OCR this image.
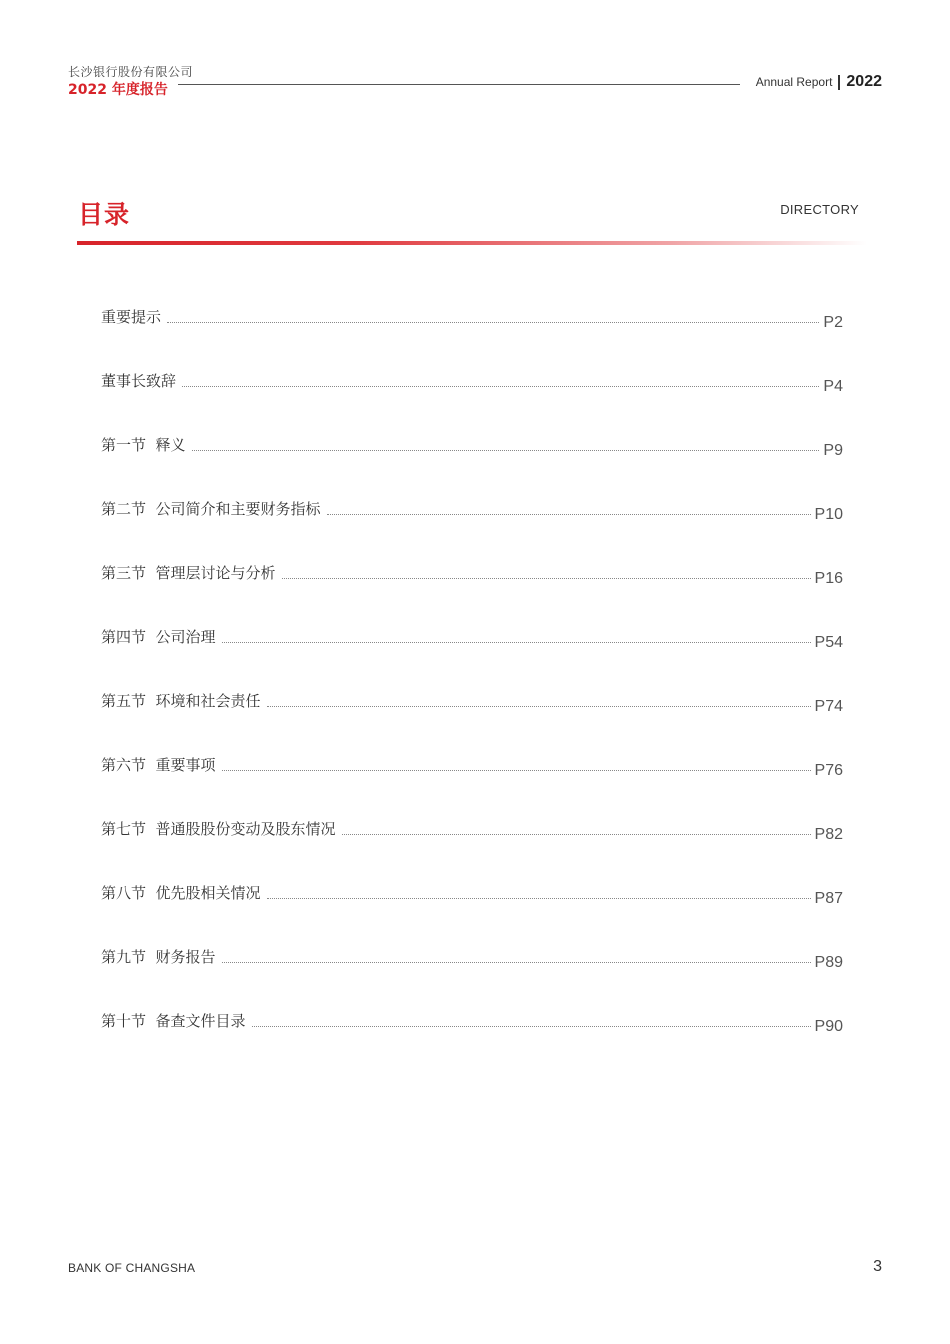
长沙银行股份有限公司
2022 年度报告	Annual Report 2022
目录	DIRECTORY
重要提示	P2
董事长致辞	P4
第一节  释义	P9
第二节  公司简介和主要财务指标	P10
第三节  管理层讨论与分析	P16
第四节  公司治理	P54
第五节  环境和社会责任	P74
第六节  重要事项	P76
第七节  普通股股份变动及股东情况	P82
第八节  优先股相关情况	P87
第九节  财务报告	P89
第十节  备查文件目录	P90
BANK OF CHANGSHA	3
